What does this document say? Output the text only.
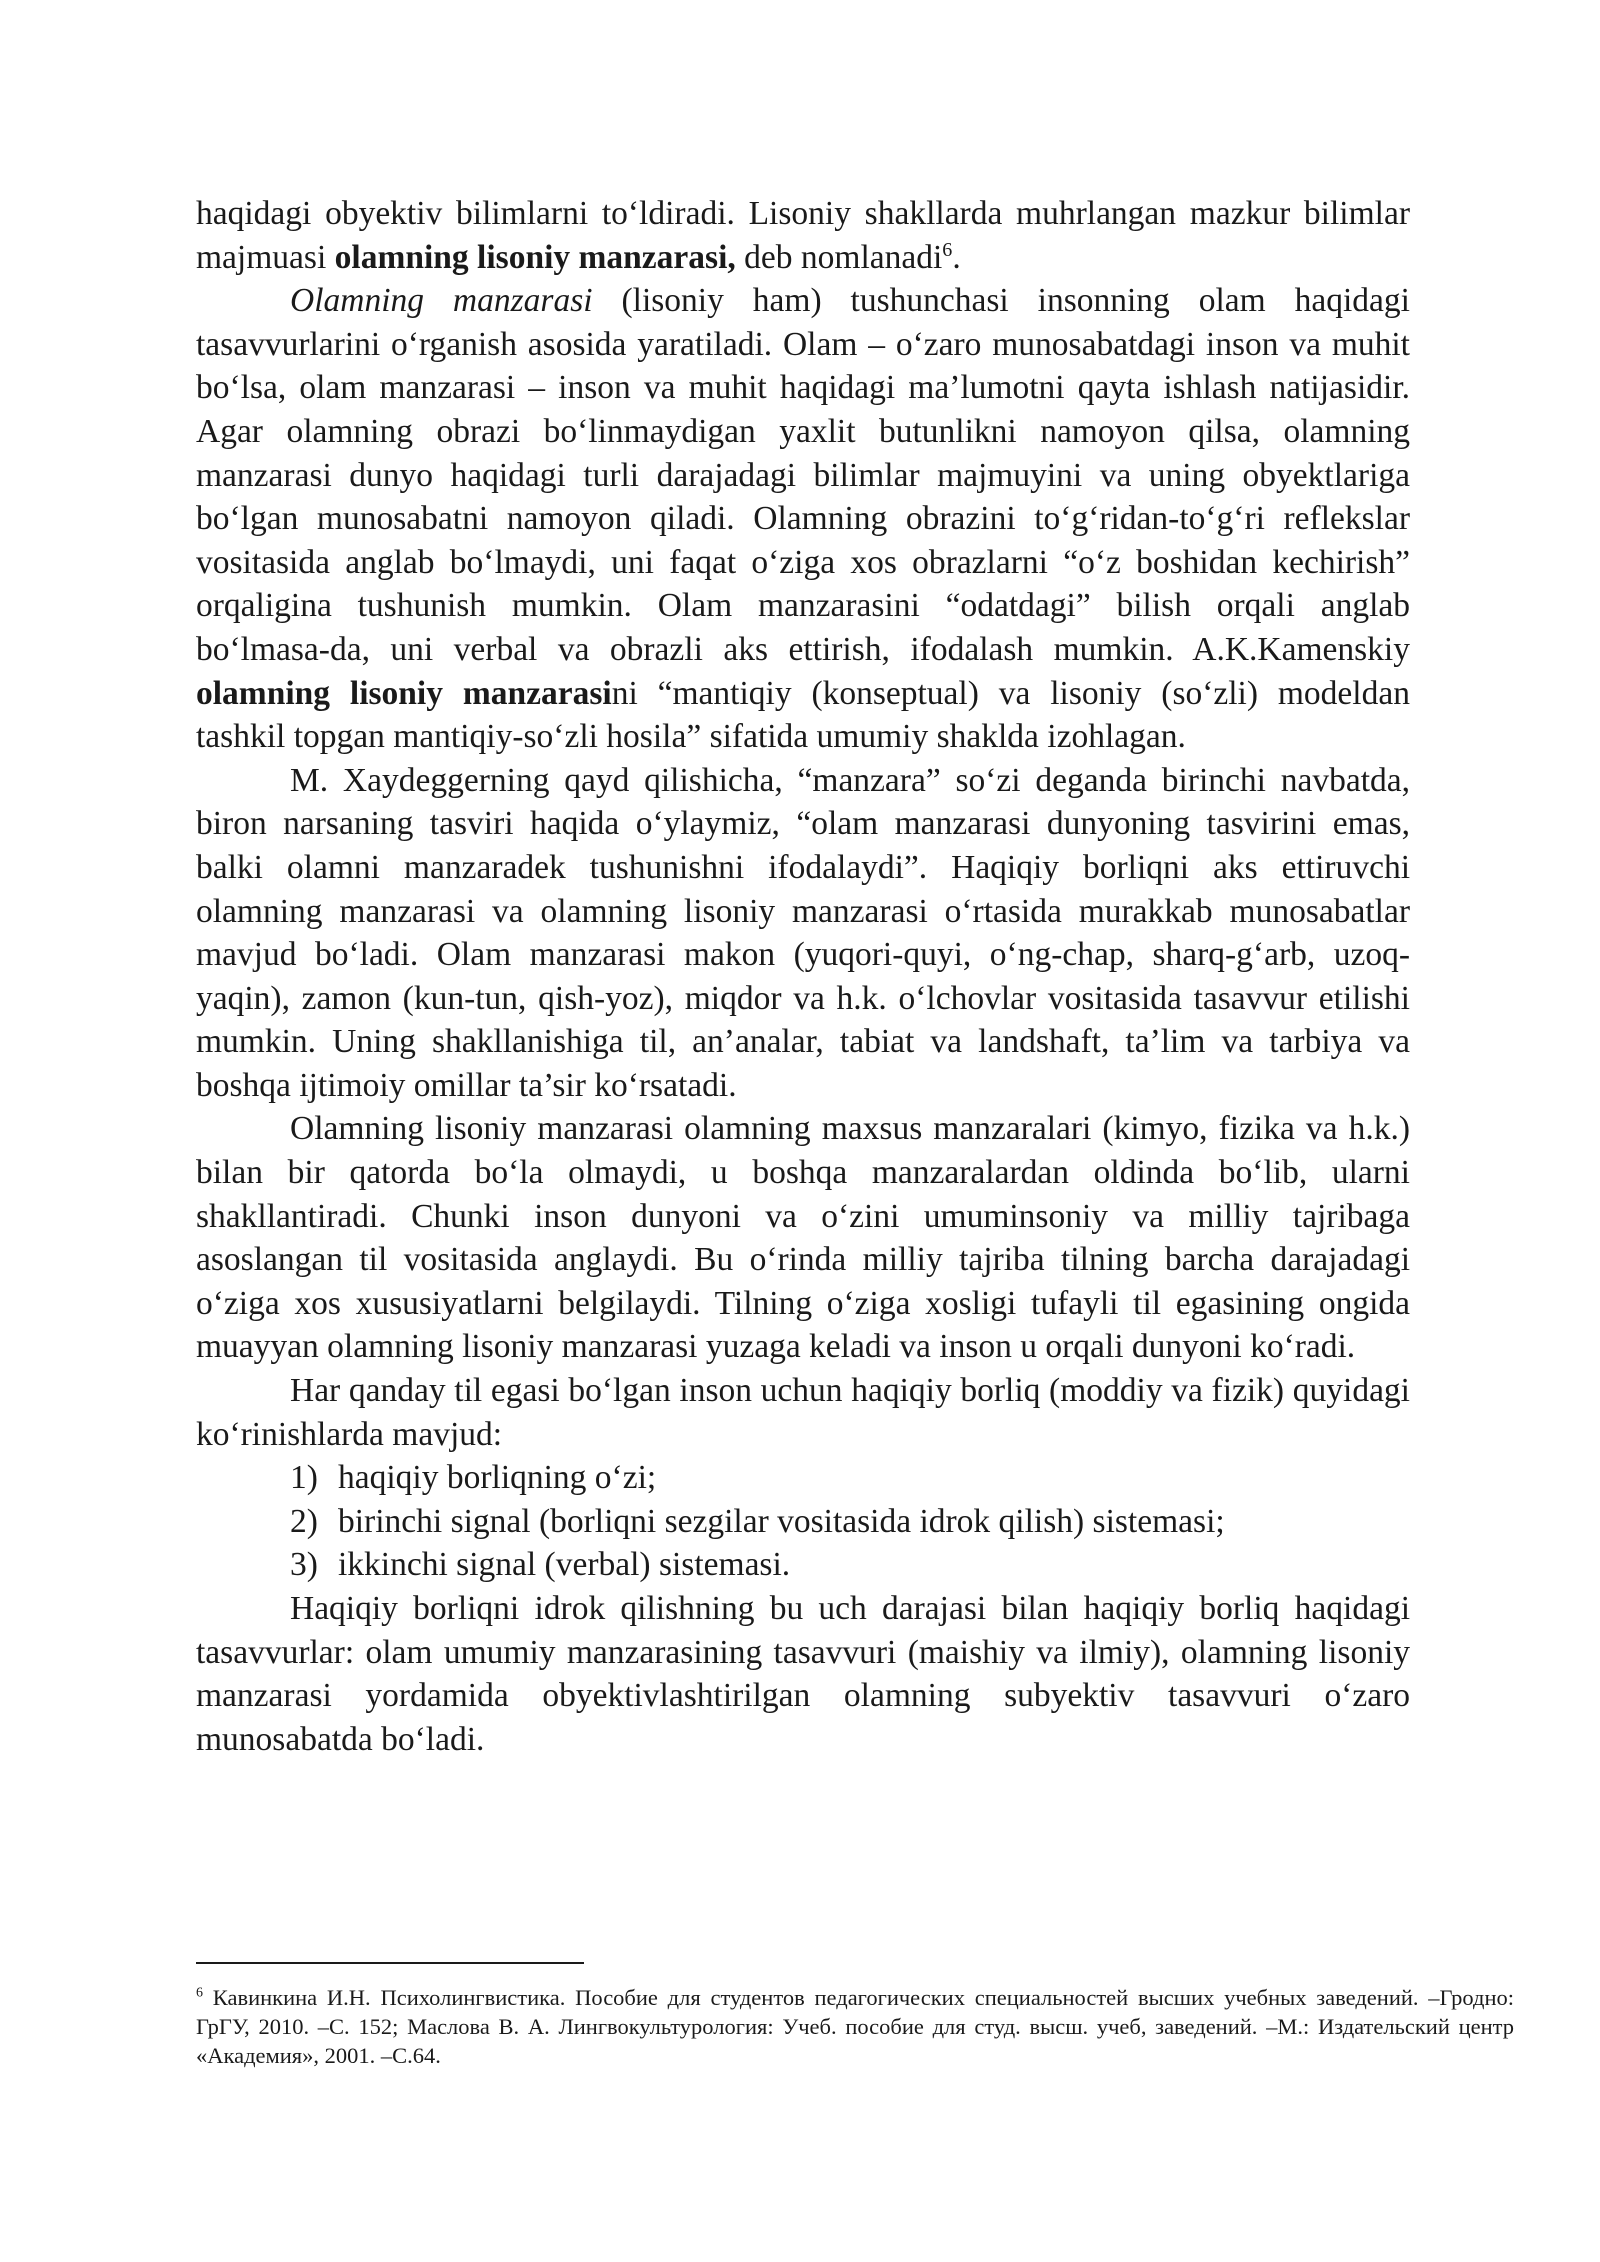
haqidagi obyektiv bilimlarni to‘ldiradi. Lisoniy shakllarda muhrlangan mazkur bilimlar majmuasi olamning lisoniy manzarasi, deb nomlanadi$^6$.

Olamning manzarasi (lisoniy ham) tushunchasi insonning olam haqidagi tasavvurlarini o‘rganish asosida yaratiladi. Olam – o‘zaro munosabatdagi inson va muhit bo‘lsa, olam manzarasi – inson va muhit haqidagi ma’lumotni qayta ishlash natijasidir. Agar olamning obrazi bo‘linmaydigan yaxlit butunlikni namoyon qilsa, olamning manzarasi dunyo haqidagi turli darajadagi bilimlar majmuyini va uning obyektlariga bo‘lgan munosabatni namoyon qiladi. Olamning obrazini to‘g‘ridan-to‘g‘ri reflekslar vositasida anglab bo‘lmaydi, uni faqat o‘ziga xos obrazlarni “o‘z boshidan kechirish” orqaligina tushunish mumkin. Olam manzarasini “odatdagi” bilish orqali anglab bo‘lmasa-da, uni verbal va obrazli aks ettirish, ifodalash mumkin. A.K.Kamenskiy olamning lisoniy manzarasini “mantiqiy (konseptual) va lisoniy (so‘zli) modeldan tashkil topgan mantiqiy-so‘zli hosila” sifatida umumiy shaklda izohlagan.

M. Xaydeggerning qayd qilishicha, “manzara” so‘zi deganda birinchi navbatda, biron narsaning tasviri haqida o‘ylaymiz, “olam manzarasi dunyoning tasvirini emas, balki olamni manzaradek tushunishni ifodalaydi”. Haqiqiy borliqni aks ettiruvchi olamning manzarasi va olamning lisoniy manzarasi o‘rtasida murakkab munosabatlar mavjud bo‘ladi. Olam manzarasi makon (yuqori-quyi, o‘ng-chap, sharq-g‘arb, uzoq-yaqin), zamon (kun-tun, qish-yoz), miqdor va h.k. o‘lchovlar vositasida tasavvur etilishi mumkin. Uning shakllanishiga til, an’analar, tabiat va landshaft, ta’lim va tarbiya va boshqa ijtimoiy omillar ta’sir ko‘rsatadi.

Olamning lisoniy manzarasi olamning maxsus manzaralari (kimyo, fizika va h.k.) bilan bir qatorda bo‘la olmaydi, u boshqa manzaralardan oldinda bo‘lib, ularni shakllantiradi. Chunki inson dunyoni va o‘zini umuminsoniy va milliy tajribaga asoslangan til vositasida anglaydi. Bu o‘rinda milliy tajriba tilning barcha darajadagi o‘ziga xos xususiyatlarni belgilaydi. Tilning o‘ziga xosligi tufayli til egasining ongida muayyan olamning lisoniy manzarasi yuzaga keladi va inson u orqali dunyoni ko‘radi.

Har qanday til egasi bo‘lgan inson uchun haqiqiy borliq (moddiy va fizik) quyidagi ko‘rinishlarda mavjud:

1) haqiqiy borliqning o‘zi;
2) birinchi signal (borliqni sezgilar vositasida idrok qilish) sistemasi;
3) ikkinchi signal (verbal) sistemasi.

Haqiqiy borliqni idrok qilishning bu uch darajasi bilan haqiqiy borliq haqidagi tasavvurlar: olam umumiy manzarasining tasavvuri (maishiy va ilmiy), olamning lisoniy manzarasi yordamida obyektivlashtirilgan olamning subyektiv tasavvuri o‘zaro munosabatda bo‘ladi.

$^6$ Кавинкина И.Н. Психолингвистика. Пособие для студентов педагогических специальностей высших учебных заведений. –Гродно: ГрГУ, 2010. –С. 152; Маслова В. А. Лингвокультурология: Учеб. пособие для студ. высш. учеб, заведений. –М.: Издательский центр «Академия», 2001. –С.64.
